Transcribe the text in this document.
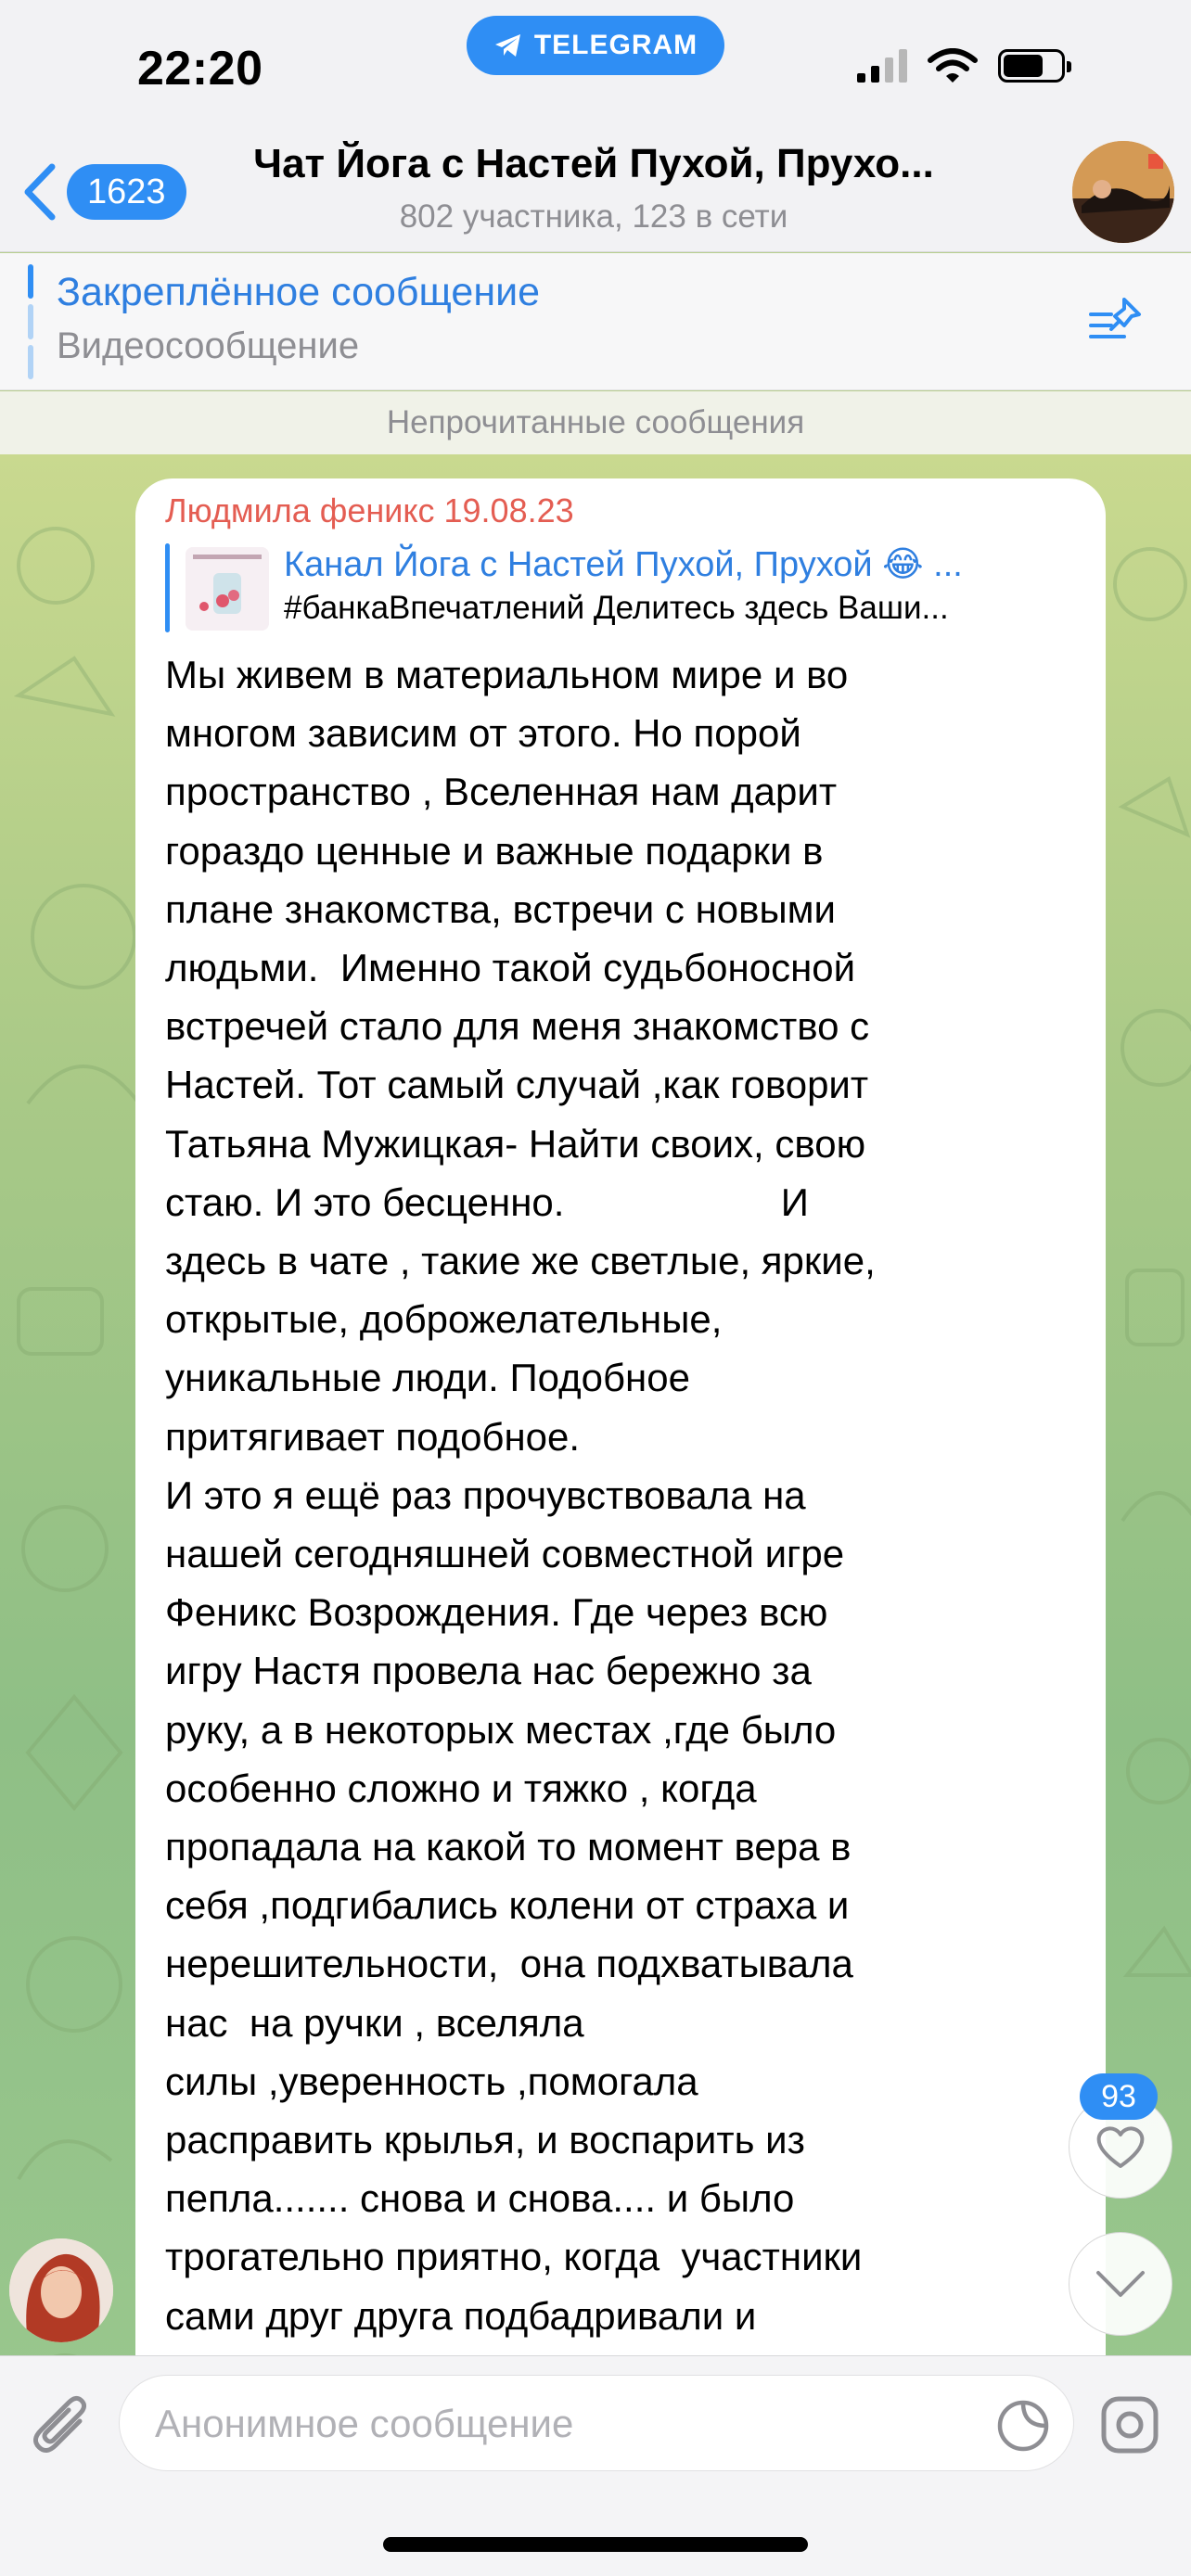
22:20	TELEGRAM
1623
Чат Йога с Настей Пухой, Прухо...
802 участника, 123 в сети
Закреплённое сообщение
Видеосообщение
Непрочитанные сообщения
Людмила феникс 19.08.23
Канал Йога с Настей Пухой, Прухой 😂 ...
#банкаВпечатлений Делитесь здесь Ваши...
Мы живем в материальном мире и во
многом зависим от этого. Но порой
пространство , Вселенная нам дарит
гораздо ценные и важные подарки в
плане знакомства, встречи с новыми
людьми.  Именно такой судьбоносной
встречей стало для меня знакомство с
Настей. Тот самый случай ,как говорит
Татьяна Мужицкая- Найти своих, свою
стаю. И это бесценно.                    И
здесь в чате , такие же светлые, яркие,
открытые, доброжелательные,
уникальные люди. Подобное
притягивает подобное.
И это я ещё раз прочувствовала на
нашей сегодняшней совместной игре
Феникс Возрождения. Где через всю
игру Настя провела нас бережно за
руку, а в некоторых местах ,где было
особенно сложно и тяжко , когда
пропадала на какой то момент вера в
себя ,подгибались колени от страха и
нерешительности,  она подхватывала
нас  на ручки , вселяла
силы ,уверенность ,помогала
расправить крылья, и воспарить из
пепла....... снова и снова.... и было
трогательно приятно, когда  участники
сами друг друга подбадривали и
93
Анонимное сообщение
